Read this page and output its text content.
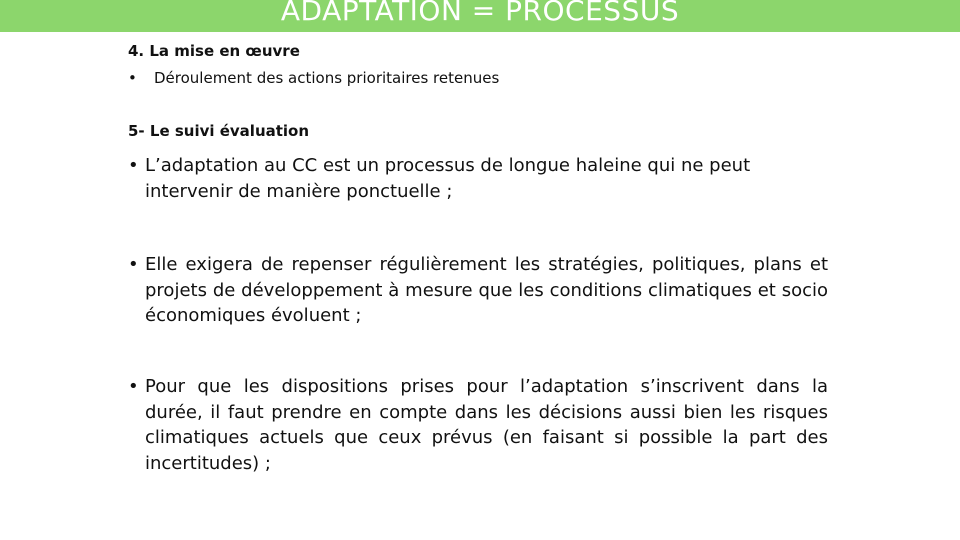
ADAPTATION = PROCESSUS
4. La mise en œuvre
• Déroulement des actions prioritaires retenues
5- Le suivi évaluation
• L’adaptation au CC est un processus de longue haleine qui ne peut intervenir de manière ponctuelle ;
• Elle exigera de repenser régulièrement les stratégies, politiques, plans et projets de développement à mesure que les conditions climatiques et socio économiques évoluent ;
• Pour que les dispositions prises pour l’adaptation s’inscrivent dans la durée, il faut prendre en compte dans les décisions aussi bien les risques climatiques actuels que ceux prévus (en faisant si possible la part des incertitudes) ;
